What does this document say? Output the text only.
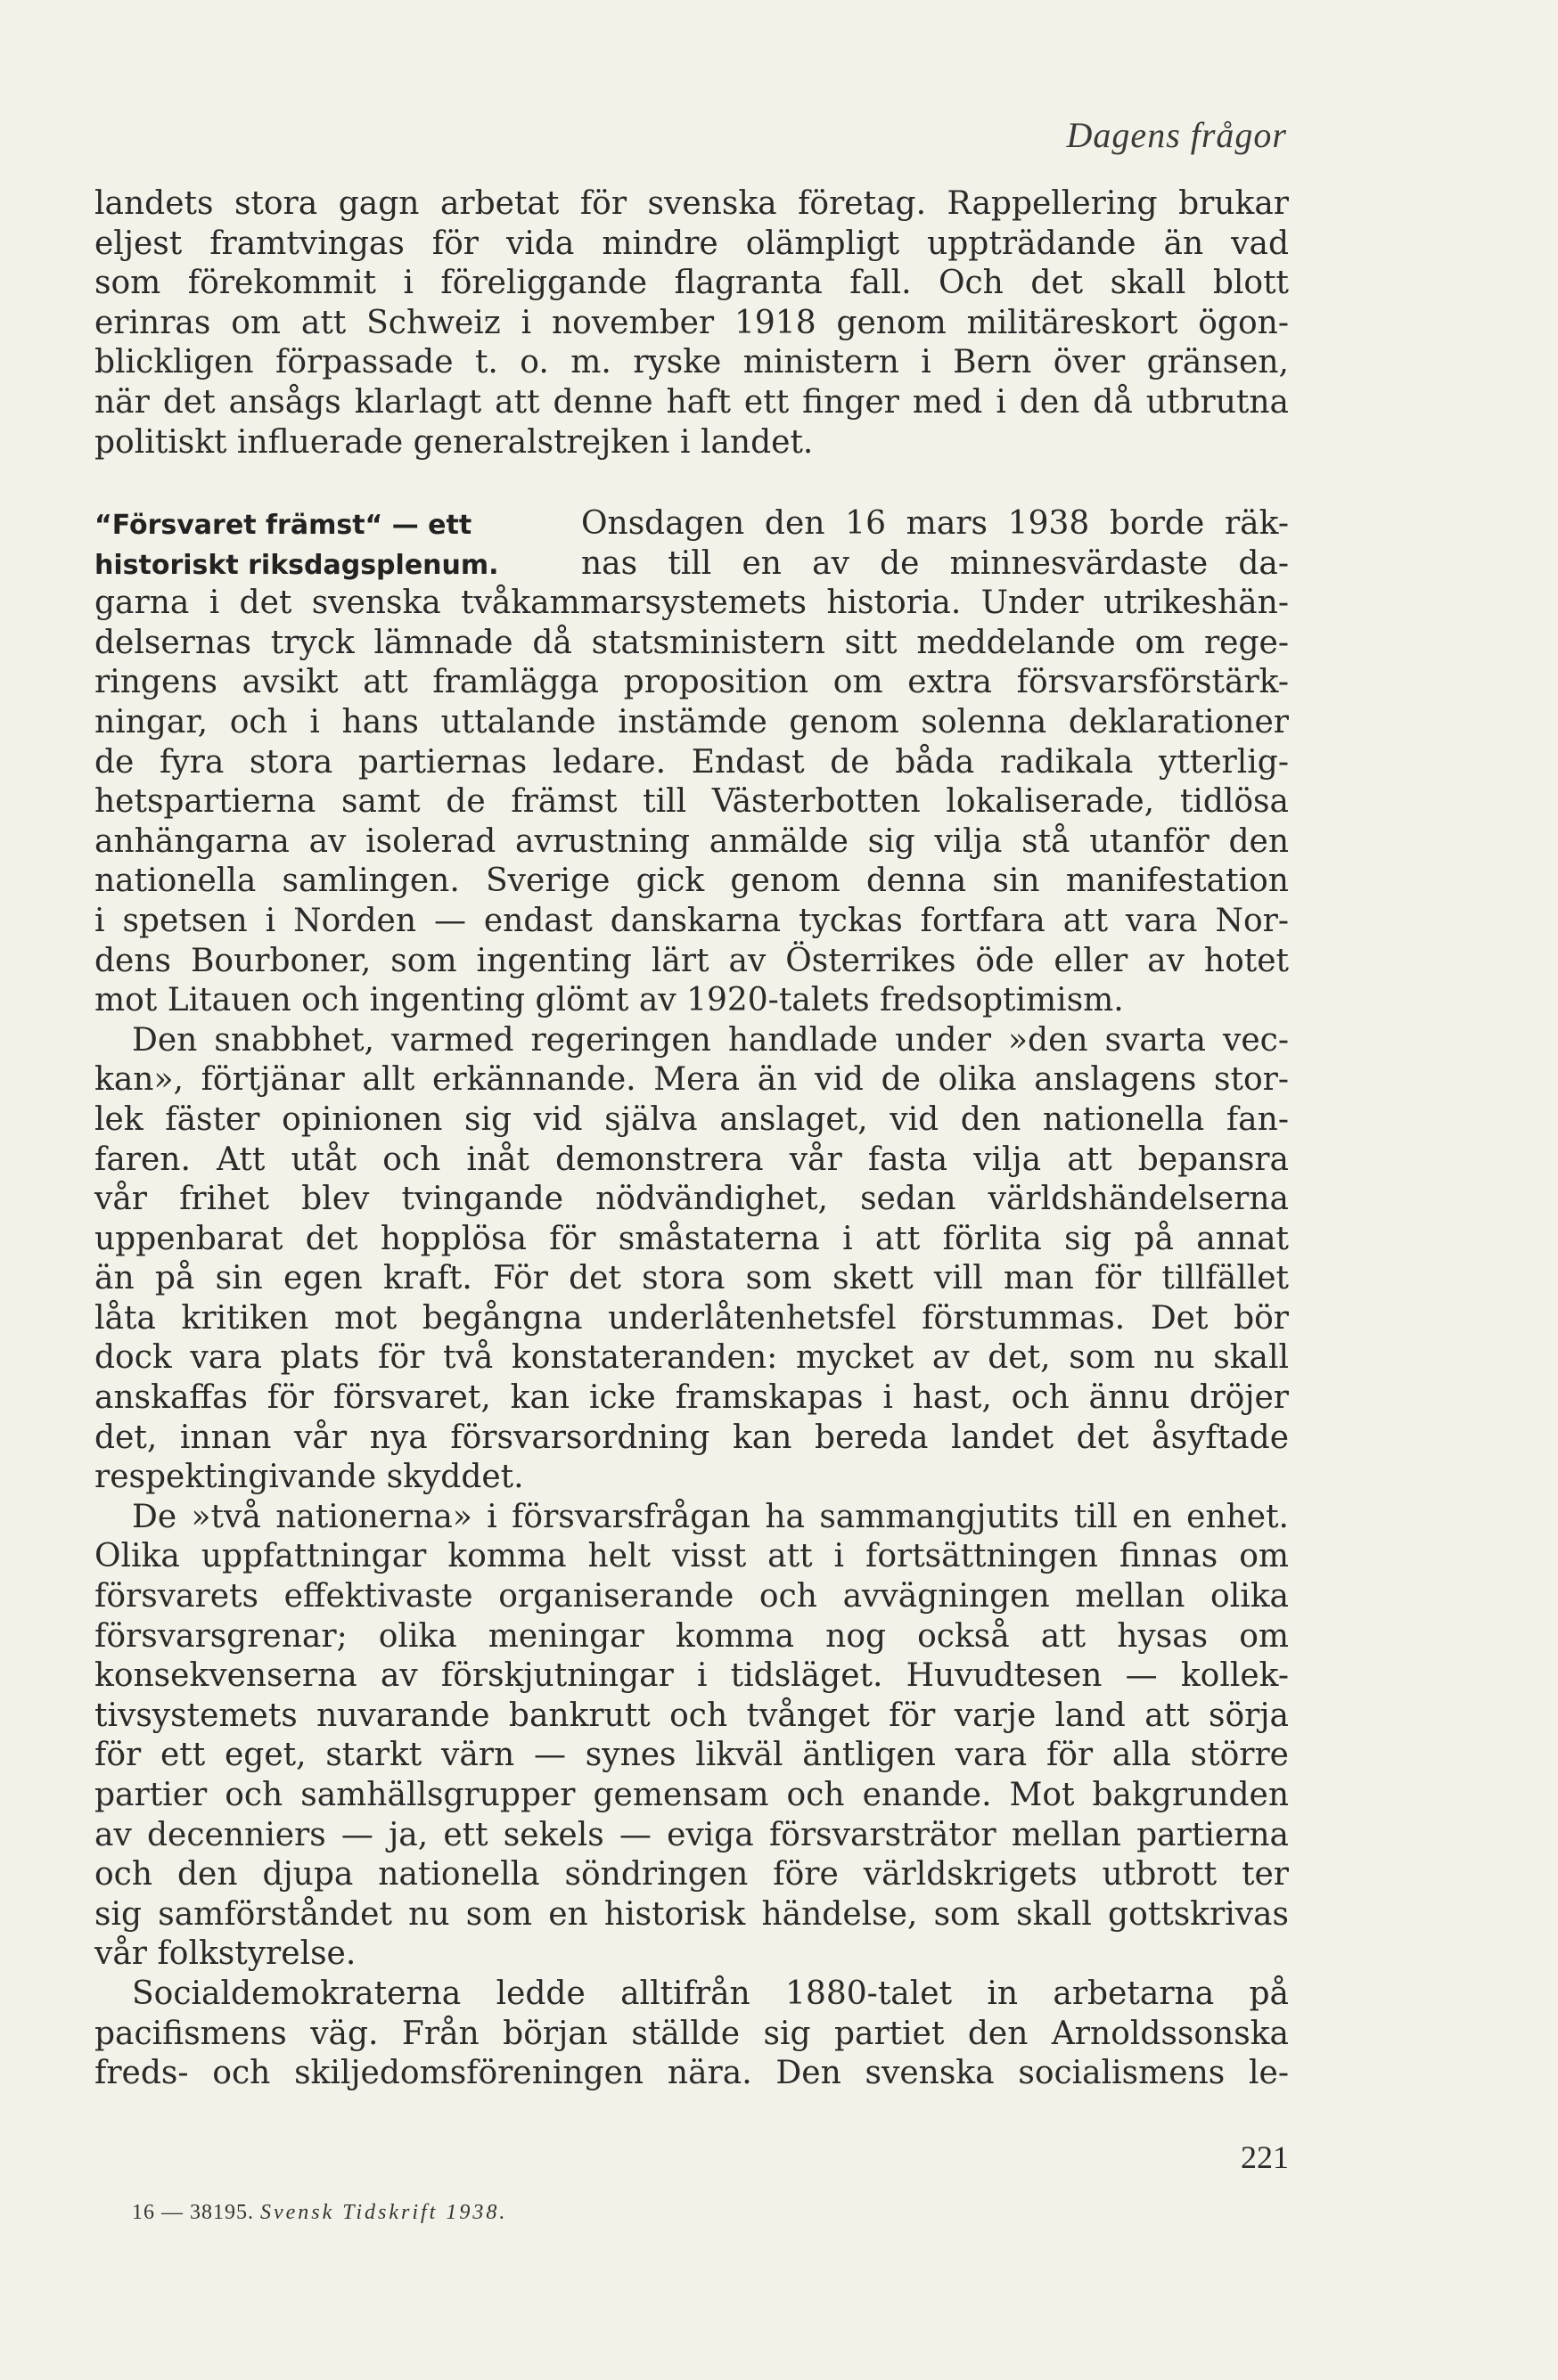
Dagens frågor
landets stora gagn arbetat för svenska företag. Rappellering brukar
eljest framtvingas för vida mindre olämpligt uppträdande än vad
som förekommit i föreliggande flagranta fall. Och det skall blott
erinras om att Schweiz i november 1918 genom militäreskort ögon-
blickligen förpassade t. o. m. ryske ministern i Bern över gränsen,
när det ansågs klarlagt att denne haft ett finger med i den då utbrutna
politiskt influerade generalstrejken i landet.
“Försvaret främst“ — ett
historiskt riksdagsplenum.
Onsdagen den 16 mars 1938 borde räk-
nas till en av de minnesvärdaste da-
garna i det svenska tvåkammarsystemets historia. Under utrikeshän-
delsernas tryck lämnade då statsministern sitt meddelande om rege-
ringens avsikt att framlägga proposition om extra försvarsförstärk-
ningar, och i hans uttalande instämde genom solenna deklarationer
de fyra stora partiernas ledare. Endast de båda radikala ytterlig-
hetspartierna samt de främst till Västerbotten lokaliserade, tidlösa
anhängarna av isolerad avrustning anmälde sig vilja stå utanför den
nationella samlingen. Sverige gick genom denna sin manifestation
i spetsen i Norden — endast danskarna tyckas fortfara att vara Nor-
dens Bourboner, som ingenting lärt av Österrikes öde eller av hotet
mot Litauen och ingenting glömt av 1920-talets fredsoptimism.
Den snabbhet, varmed regeringen handlade under »den svarta vec-
kan», förtjänar allt erkännande. Mera än vid de olika anslagens stor-
lek fäster opinionen sig vid själva anslaget, vid den nationella fan-
faren. Att utåt och inåt demonstrera vår fasta vilja att bepansra
vår frihet blev tvingande nödvändighet, sedan världshändelserna
uppenbarat det hopplösa för småstaterna i att förlita sig på annat
än på sin egen kraft. För det stora som skett vill man för tillfället
låta kritiken mot begångna underlåtenhetsfel förstummas. Det bör
dock vara plats för två konstateranden: mycket av det, som nu skall
anskaffas för försvaret, kan icke framskapas i hast, och ännu dröjer
det, innan vår nya försvarsordning kan bereda landet det åsyftade
respektingivande skyddet.
De »två nationerna» i försvarsfrågan ha sammangjutits till en enhet.
Olika uppfattningar komma helt visst att i fortsättningen finnas om
försvarets effektivaste organiserande och avvägningen mellan olika
försvarsgrenar; olika meningar komma nog också att hysas om
konsekvenserna av förskjutningar i tidsläget. Huvudtesen — kollek-
tivsystemets nuvarande bankrutt och tvånget för varje land att sörja
för ett eget, starkt värn — synes likväl äntligen vara för alla större
partier och samhällsgrupper gemensam och enande. Mot bakgrunden
av decenniers — ja, ett sekels — eviga försvarsträtor mellan partierna
och den djupa nationella söndringen före världskrigets utbrott ter
sig samförståndet nu som en historisk händelse, som skall gottskrivas
vår folkstyrelse.
Socialdemokraterna ledde alltifrån 1880-talet in arbetarna på
pacifismens väg. Från början ställde sig partiet den Arnoldssonska
freds- och skiljedomsföreningen nära. Den svenska socialismens le-
221
16 — 38195. Svensk Tidskrift 1938.
